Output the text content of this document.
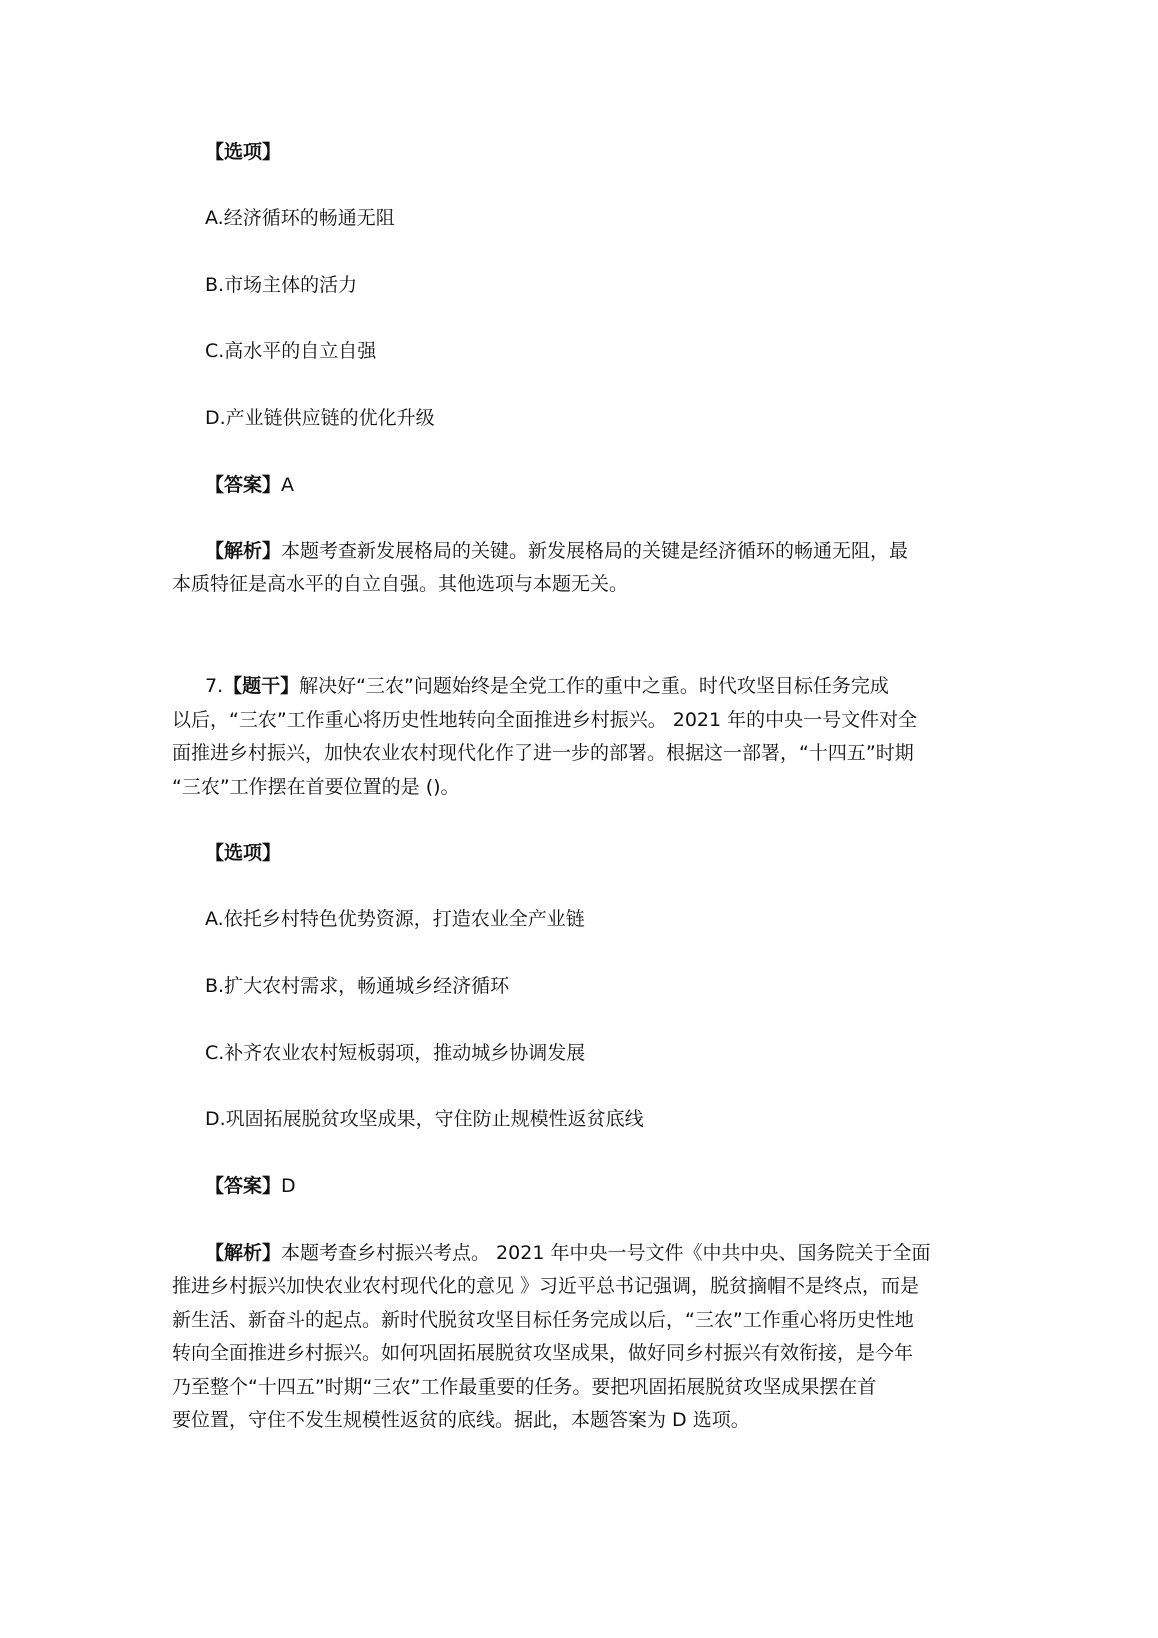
【选项】
A.经济循环的畅通无阻
B.市场主体的活力
C.高水平的自立自强
D.产业链供应链的优化升级
【答案】A
【解析】本题考查新发展格局的关键。新发展格局的关键是经济循环的畅通无阻，最
本质特征是高水平的自立自强。其他选项与本题无关。
7.【题干】解决好“三农”问题始终是全党工作的重中之重。时代攻坚目标任务完成
以后，“三农”工作重心将历史性地转向全面推进乡村振兴。 2021 年的中央一号文件对全
面推进乡村振兴，加快农业农村现代化作了进一步的部署。根据这一部署，“十四五”时期
“三农”工作摆在首要位置的是 ()。
【选项】
A.依托乡村特色优势资源，打造农业全产业链
B.扩大农村需求，畅通城乡经济循环
C.补齐农业农村短板弱项，推动城乡协调发展
D.巩固拓展脱贫攻坚成果，守住防止规模性返贫底线
【答案】D
【解析】本题考查乡村振兴考点。 2021 年中央一号文件《中共中央、国务院关于全面
推进乡村振兴加快农业农村现代化的意见 》习近平总书记强调，脱贫摘帽不是终点，而是
新生活、新奋斗的起点。新时代脱贫攻坚目标任务完成以后，“三农”工作重心将历史性地
转向全面推进乡村振兴。如何巩固拓展脱贫攻坚成果，做好同乡村振兴有效衔接，是今年
乃至整个“十四五”时期“三农”工作最重要的任务。要把巩固拓展脱贫攻坚成果摆在首
要位置，守住不发生规模性返贫的底线。据此，本题答案为 D 选项。
